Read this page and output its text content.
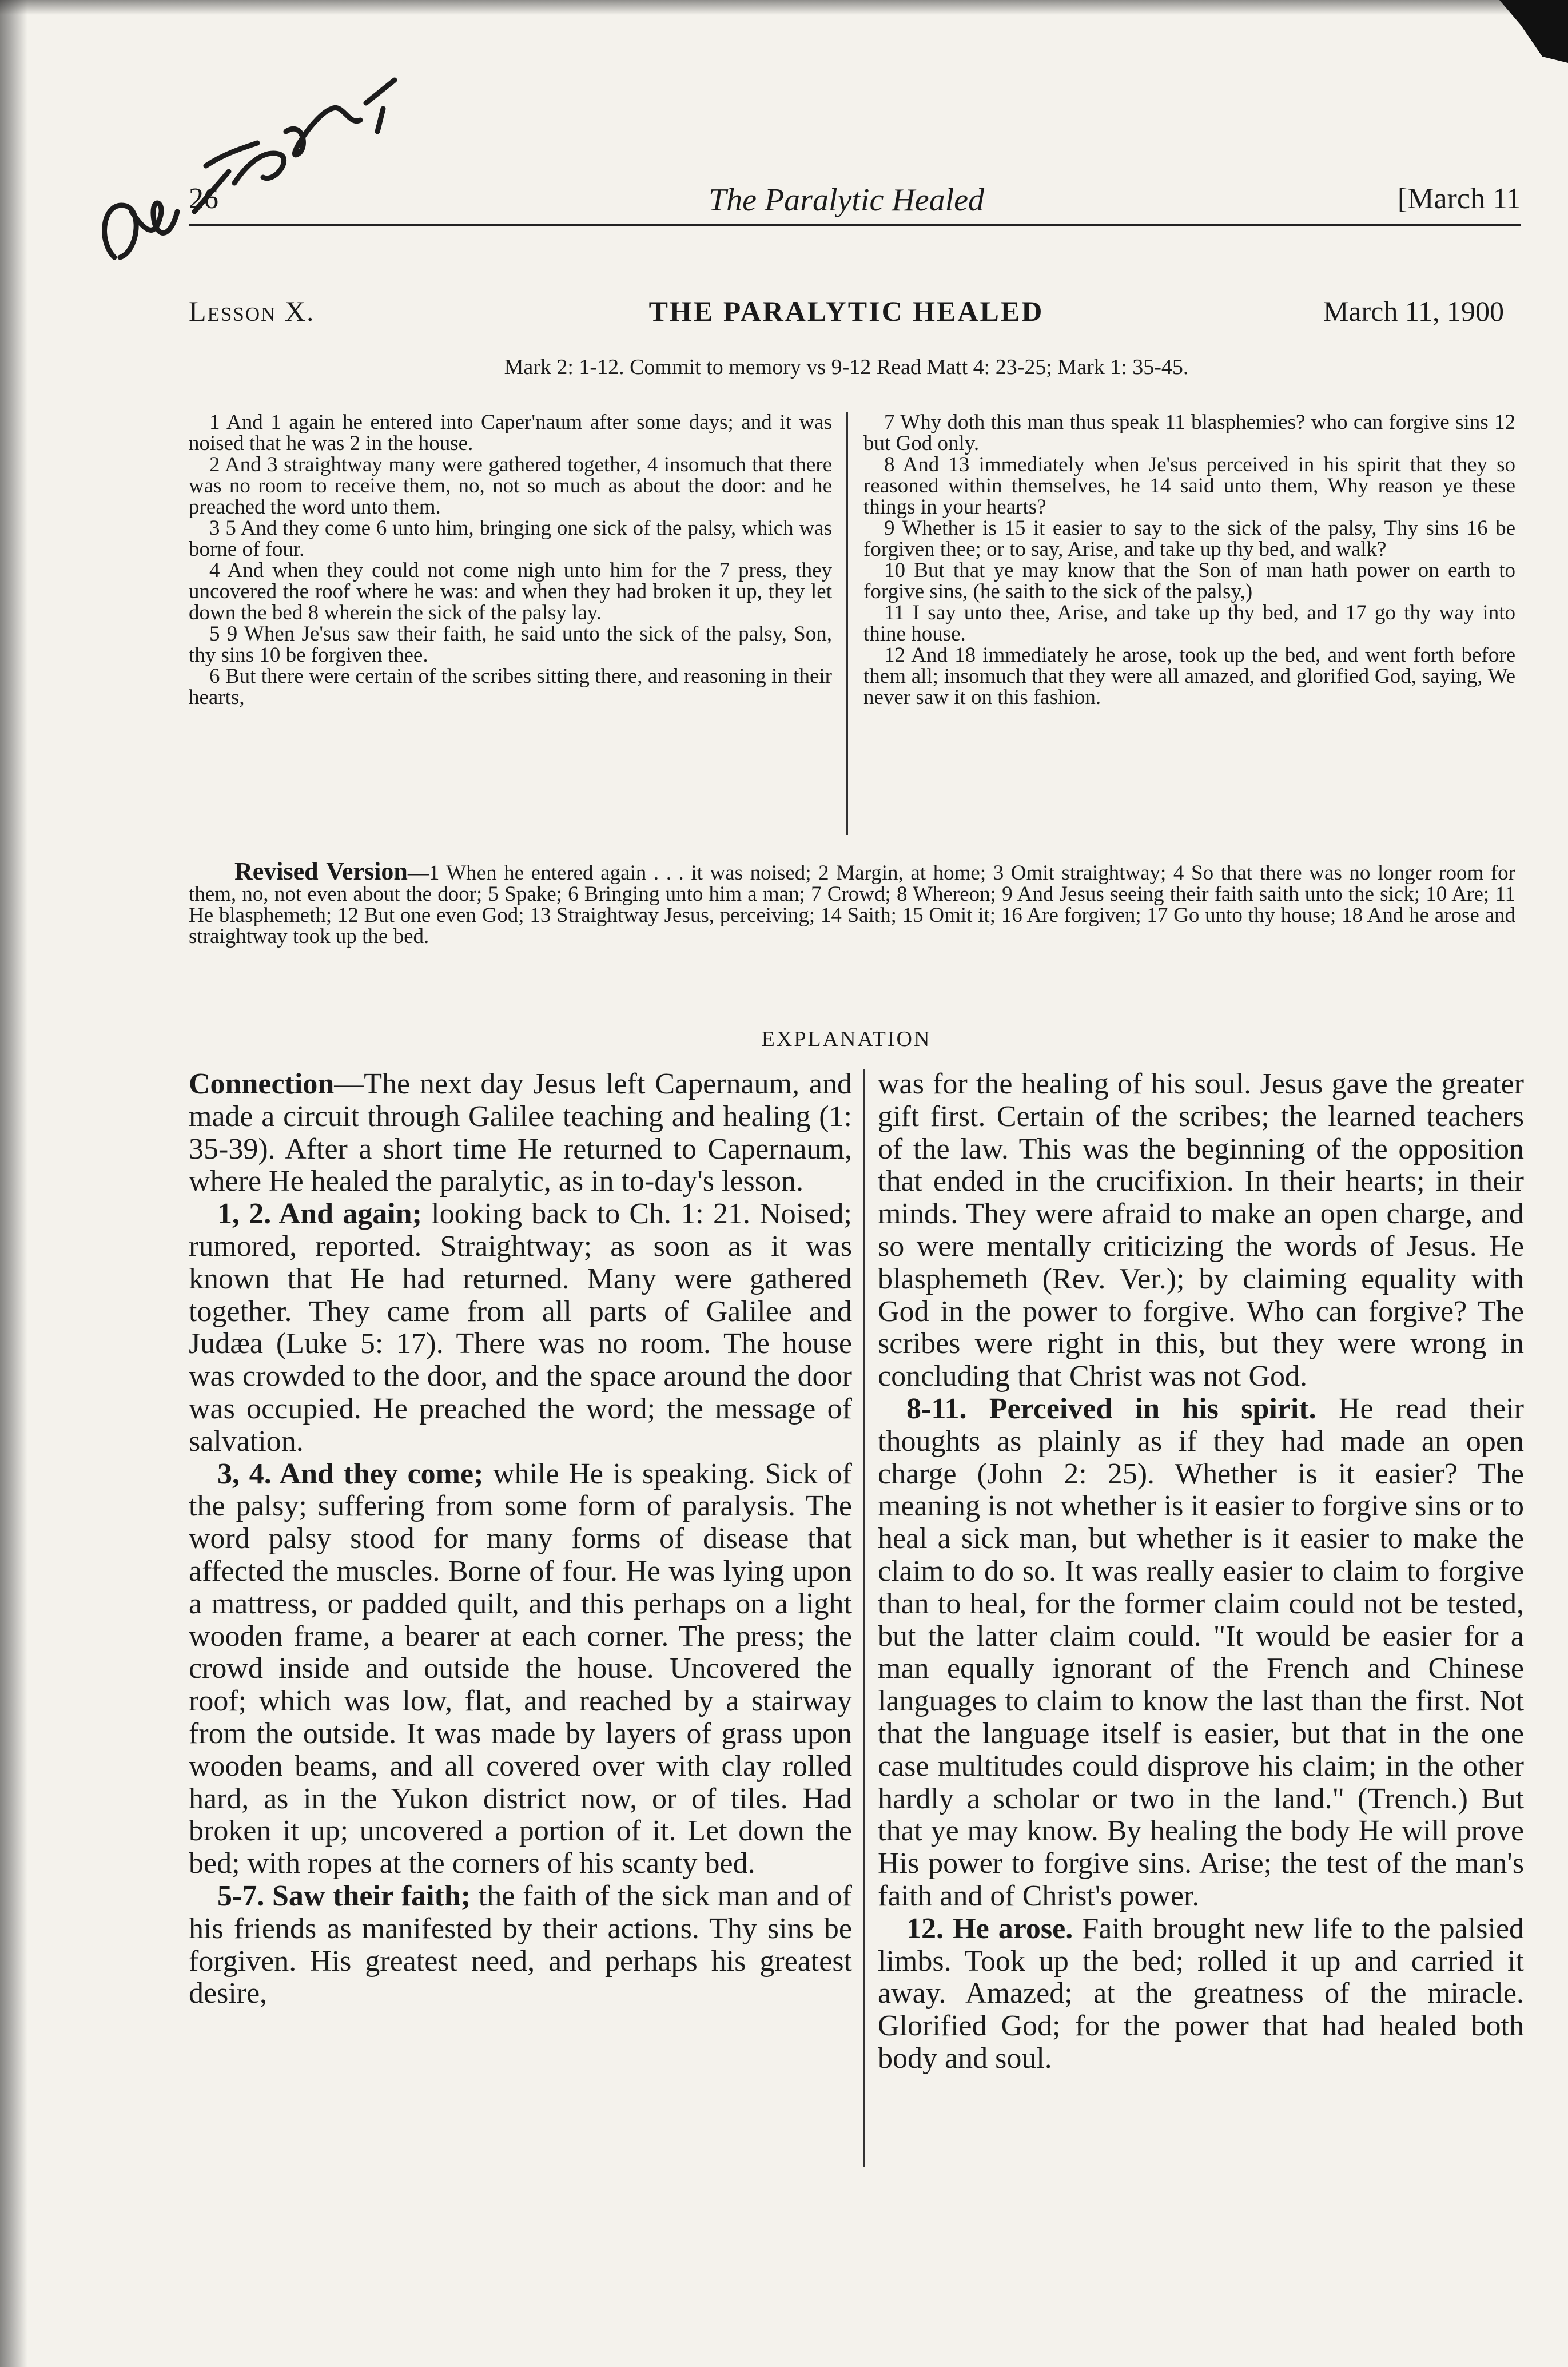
26	The Paralytic Healed	[March 11
Lesson X.	THE PARALYTIC HEALED	March 11, 1900
Mark 2: 1-12. Commit to memory vs 9-12 Read Matt 4: 23-25; Mark 1: 35-45.

1 And 1 again he entered into Caper'naum after some days; and it was noised that he was 2 in the house.

2 And 3 straightway many were gathered together, 4 insomuch that there was no room to receive them, no, not so much as about the door: and he preached the word unto them.

3 5 And they come 6 unto him, bringing one sick of the palsy, which was borne of four.

4 And when they could not come nigh unto him for the 7 press, they uncovered the roof where he was: and when they had broken it up, they let down the bed 8 wherein the sick of the palsy lay.

5 9 When Je'sus saw their faith, he said unto the sick of the palsy, Son, thy sins 10 be forgiven thee.

6 But there were certain of the scribes sitting there, and reasoning in their hearts,

7 Why doth this man thus speak 11 blasphemies? who can forgive sins 12 but God only.

8 And 13 immediately when Je'sus perceived in his spirit that they so reasoned within themselves, he 14 said unto them, Why reason ye these things in your hearts?

9 Whether is 15 it easier to say to the sick of the palsy, Thy sins 16 be forgiven thee; or to say, Arise, and take up thy bed, and walk?

10 But that ye may know that the Son of man hath power on earth to forgive sins, (he saith to the sick of the palsy,)

11 I say unto thee, Arise, and take up thy bed, and 17 go thy way into thine house.

12 And 18 immediately he arose, took up the bed, and went forth before them all; insomuch that they were all amazed, and glorified God, saying, We never saw it on this fashion.

Revised Version—1 When he entered again . . . it was noised; 2 Margin, at home; 3 Omit straightway; 4 So that there was no longer room for them, no, not even about the door; 5 Spake; 6 Bringing unto him a man; 7 Crowd; 8 Whereon; 9 And Jesus seeing their faith saith unto the sick; 10 Are; 11 He blasphemeth; 12 But one even God; 13 Straightway Jesus, perceiving; 14 Saith; 15 Omit it; 16 Are forgiven; 17 Go unto thy house; 18 And he arose and straightway took up the bed.
EXPLANATION

Connection—The next day Jesus left Capernaum, and made a circuit through Galilee teaching and healing (1: 35-39). After a short time He returned to Capernaum, where He healed the paralytic, as in to-day's lesson.

1, 2. And again; looking back to Ch. 1: 21. Noised; rumored, reported. Straightway; as soon as it was known that He had returned. Many were gathered together. They came from all parts of Galilee and Judæa (Luke 5: 17). There was no room. The house was crowded to the door, and the space around the door was occupied. He preached the word; the message of salvation.

3, 4. And they come; while He is speaking. Sick of the palsy; suffering from some form of paralysis. The word palsy stood for many forms of disease that affected the muscles. Borne of four. He was lying upon a mattress, or padded quilt, and this perhaps on a light wooden frame, a bearer at each corner. The press; the crowd inside and outside the house. Uncovered the roof; which was low, flat, and reached by a stairway from the outside. It was made by layers of grass upon wooden beams, and all covered over with clay rolled hard, as in the Yukon district now, or of tiles. Had broken it up; uncovered a portion of it. Let down the bed; with ropes at the corners of his scanty bed.

5-7. Saw their faith; the faith of the sick man and of his friends as manifested by their actions. Thy sins be forgiven. His greatest need, and perhaps his greatest desire,

was for the healing of his soul. Jesus gave the greater gift first. Certain of the scribes; the learned teachers of the law. This was the beginning of the opposition that ended in the crucifixion. In their hearts; in their minds. They were afraid to make an open charge, and so were mentally criticizing the words of Jesus. He blasphemeth (Rev. Ver.); by claiming equality with God in the power to forgive. Who can forgive? The scribes were right in this, but they were wrong in concluding that Christ was not God.

8-11. Perceived in his spirit. He read their thoughts as plainly as if they had made an open charge (John 2: 25). Whether is it easier? The meaning is not whether is it easier to forgive sins or to heal a sick man, but whether is it easier to make the claim to do so. It was really easier to claim to forgive than to heal, for the former claim could not be tested, but the latter claim could. "It would be easier for a man equally ignorant of the French and Chinese languages to claim to know the last than the first. Not that the language itself is easier, but that in the one case multitudes could disprove his claim; in the other hardly a scholar or two in the land." (Trench.) But that ye may know. By healing the body He will prove His power to forgive sins. Arise; the test of the man's faith and of Christ's power.

12. He arose. Faith brought new life to the palsied limbs. Took up the bed; rolled it up and carried it away. Amazed; at the greatness of the miracle. Glorified God; for the power that had healed both body and soul.
